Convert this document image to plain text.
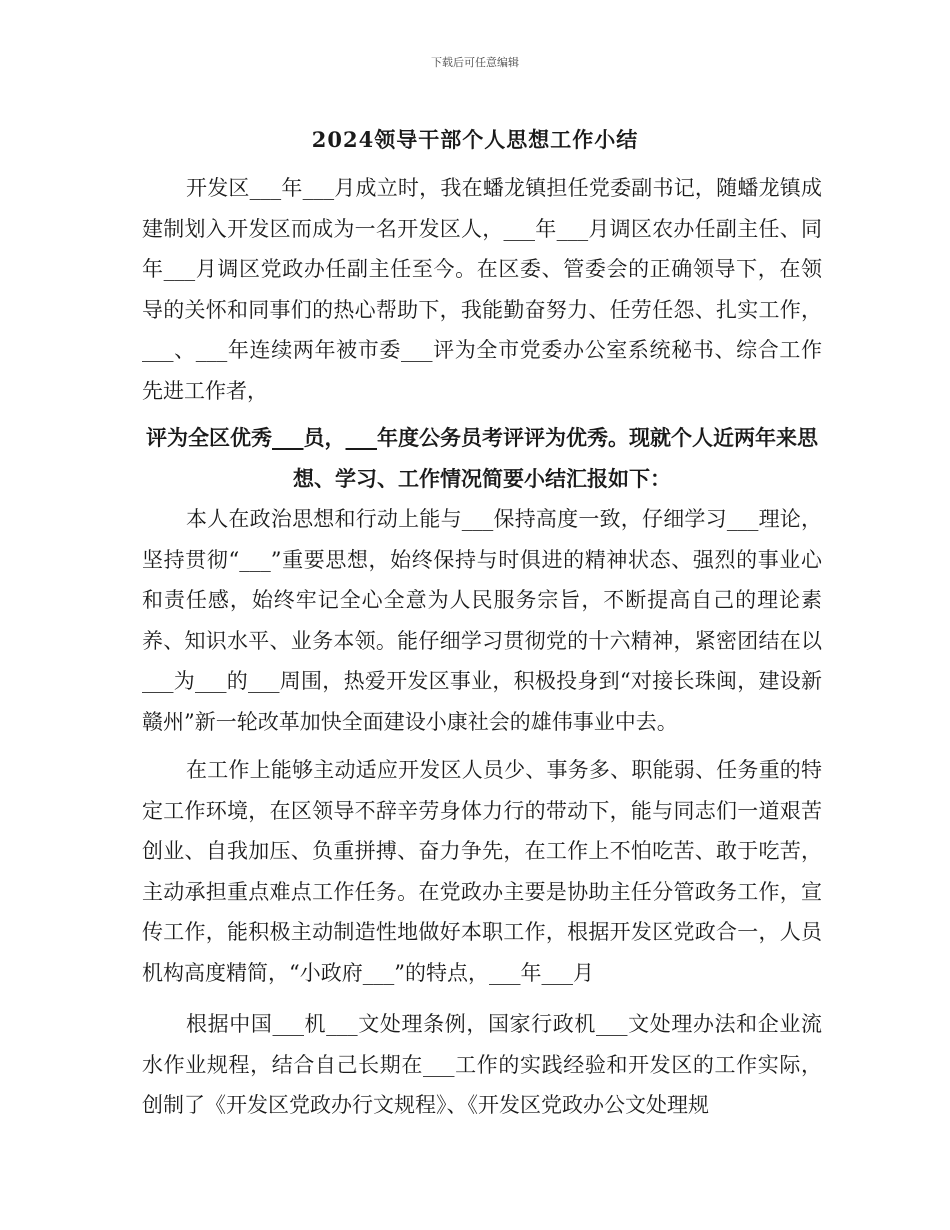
下载后可任意编辑
2024领导干部个人思想工作小结

开发区___年___月成立时，我在蟠龙镇担任党委副书记，随蟠龙镇成建制划入开发区而成为一名开发区人，___年___月调区农办任副主任、同年___月调区党政办任副主任至今。在区委、管委会的正确领导下，在领导的关怀和同事们的热心帮助下，我能勤奋努力、任劳任怨、扎实工作，___、___年连续两年被市委___评为全市党委办公室系统秘书、综合工作先进工作者，

评为全区优秀___员，___年度公务员考评评为优秀。现就个人近两年来思想、学习、工作情况简要小结汇报如下：

本人在政治思想和行动上能与___保持高度一致，仔细学习___理论，坚持贯彻“___”重要思想，始终保持与时俱进的精神状态、强烈的事业心和责任感，始终牢记全心全意为人民服务宗旨，不断提高自己的理论素养、知识水平、业务本领。能仔细学习贯彻党的十六精神，紧密团结在以___为___的___周围，热爱开发区事业，积极投身到“对接长珠闽，建设新赣州”新一轮改革加快全面建设小康社会的雄伟事业中去。

在工作上能够主动适应开发区人员少、事务多、职能弱、任务重的特定工作环境，在区领导不辞辛劳身体力行的带动下，能与同志们一道艰苦创业、自我加压、负重拼搏、奋力争先，在工作上不怕吃苦、敢于吃苦，主动承担重点难点工作任务。在党政办主要是协助主任分管政务工作，宣传工作，能积极主动制造性地做好本职工作，根据开发区党政合一，人员机构高度精简，“小政府___”的特点，___年___月

根据中国___机___文处理条例，国家行政机___文处理办法和企业流水作业规程，结合自己长期在___工作的实践经验和开发区的工作实际，创制了《开发区党政办行文规程》、《开发区党政办公文处理规
